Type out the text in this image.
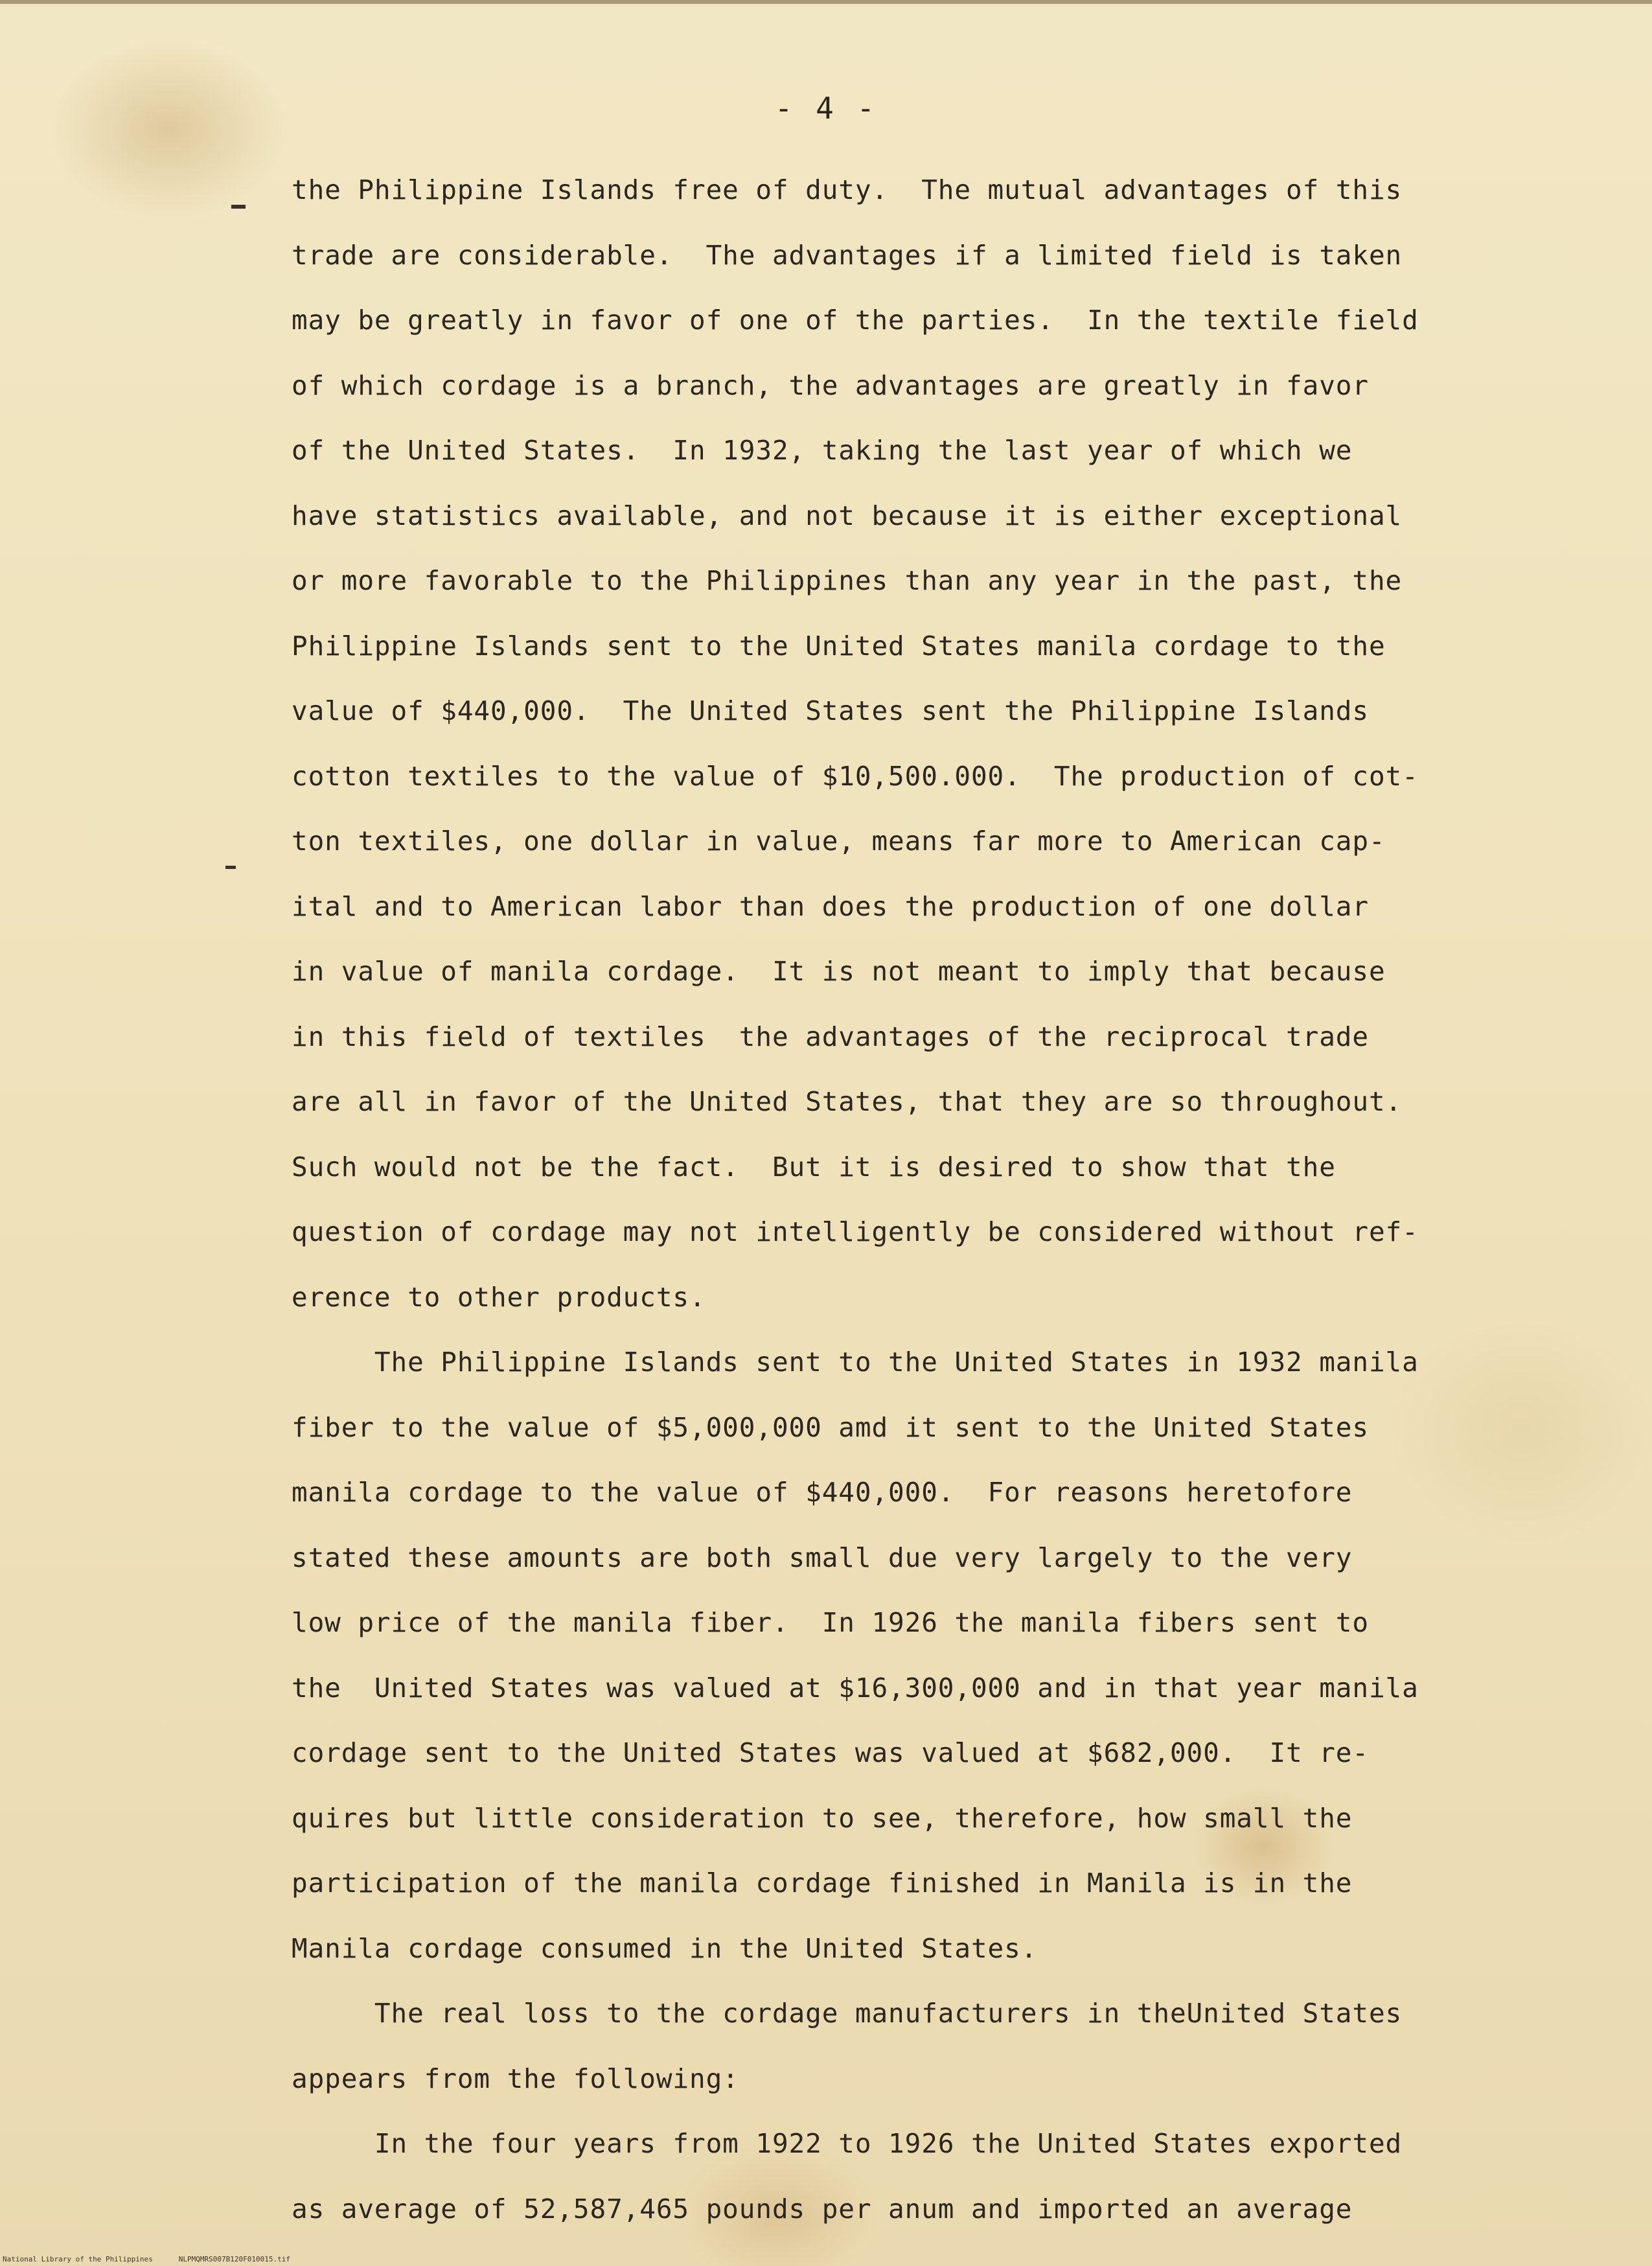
- 4 -
the Philippine Islands free of duty.  The mutual advantages of this
trade are considerable.  The advantages if a limited field is taken
may be greatly in favor of one of the parties.  In the textile field
of which cordage is a branch, the advantages are greatly in favor
of the United States.  In 1932, taking the last year of which we
have statistics available, and not because it is either exceptional
or more favorable to the Philippines than any year in the past, the
Philippine Islands sent to the United States manila cordage to the
value of $440,000.  The United States sent the Philippine Islands
cotton textiles to the value of $10,500.000.  The production of cot-
ton textiles, one dollar in value, means far more to American cap-
ital and to American labor than does the production of one dollar
in value of manila cordage.  It is not meant to imply that because
in this field of textiles  the advantages of the reciprocal trade
are all in favor of the United States, that they are so throughout.
Such would not be the fact.  But it is desired to show that the
question of cordage may not intelligently be considered without ref-
erence to other products.
The Philippine Islands sent to the United States in 1932 manila
fiber to the value of $5,000,000 amd it sent to the United States
manila cordage to the value of $440,000.  For reasons heretofore
stated these amounts are both small due very largely to the very
low price of the manila fiber.  In 1926 the manila fibers sent to
the  United States was valued at $16,300,000 and in that year manila
cordage sent to the United States was valued at $682,000.  It re-
quires but little consideration to see, therefore, how small the
participation of the manila cordage finished in Manila is in the
Manila cordage consumed in the United States.
The real loss to the cordage manufacturers in theUnited States
appears from the following:
In the four years from 1922 to 1926 the United States exported
as average of 52,587,465 pounds per anum and imported an average
National Library of the Philippines	NLPMQMRS007B120F010015.tif
